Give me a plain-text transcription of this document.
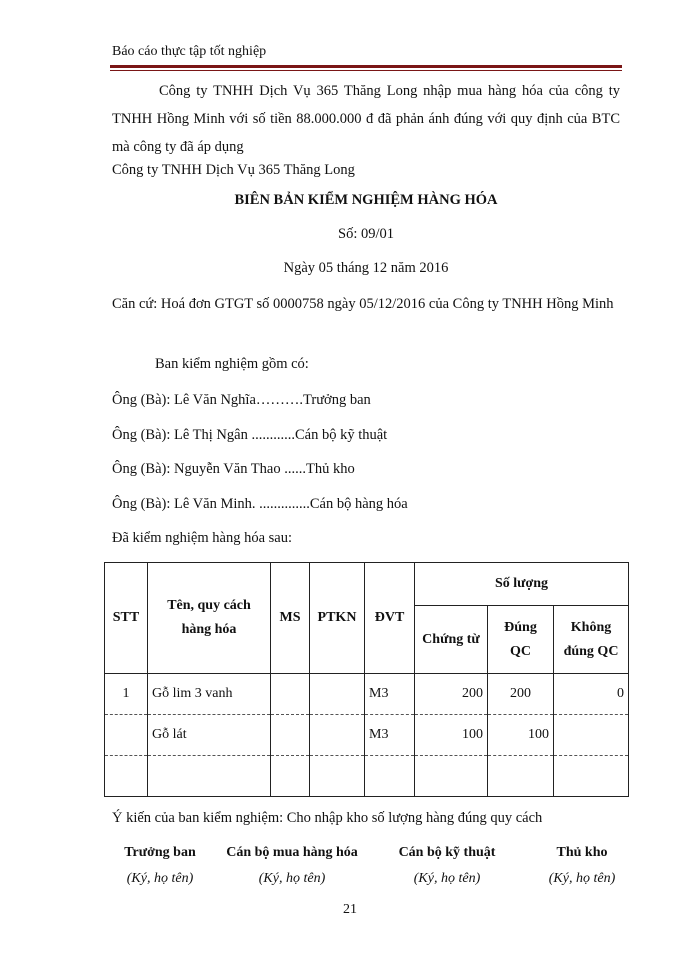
Báo cáo thực tập tốt nghiệp
Công ty TNHH Dịch Vụ 365 Thăng Long nhập mua hàng hóa của công ty TNHH Hồng Minh với số tiền 88.000.000 đ đã phản ánh đúng với quy định của BTC mà công ty đã áp dụng
Công ty TNHH Dịch Vụ 365 Thăng Long
BIÊN BẢN KIỂM NGHIỆM HÀNG HÓA
Số: 09/01
Ngày 05 tháng 12 năm 2016
Căn cứ: Hoá đơn GTGT số 0000758 ngày 05/12/2016 của Công ty TNHH Hồng Minh
Ban kiểm nghiệm gồm có:
Ông (Bà): Lê Văn Nghĩa……….Trưởng ban
Ông (Bà): Lê Thị Ngân ............Cán bộ kỹ thuật
Ông (Bà): Nguyễn Văn Thao ......Thủ kho
Ông (Bà): Lê Văn Minh. ..............Cán bộ hàng hóa
Đã kiểm nghiệm hàng hóa sau:
STT	Tên, quy cách hàng hóa	MS	PTKN	ĐVT	Số lượng		
					Chứng từ	Đúng QC	Không đúng QC
1	Gỗ lim 3 vanh			M3	200	200	0
	Gỗ lát			M3	100	100	

Ý kiến của ban kiểm nghiệm: Cho nhập kho số lượng hàng đúng quy cách
Trưởng ban
(Ký, họ tên)
Cán bộ mua hàng hóa
(Ký, họ tên)
Cán bộ kỹ thuật
(Ký, họ tên)
Thủ kho
(Ký, họ tên)
21
